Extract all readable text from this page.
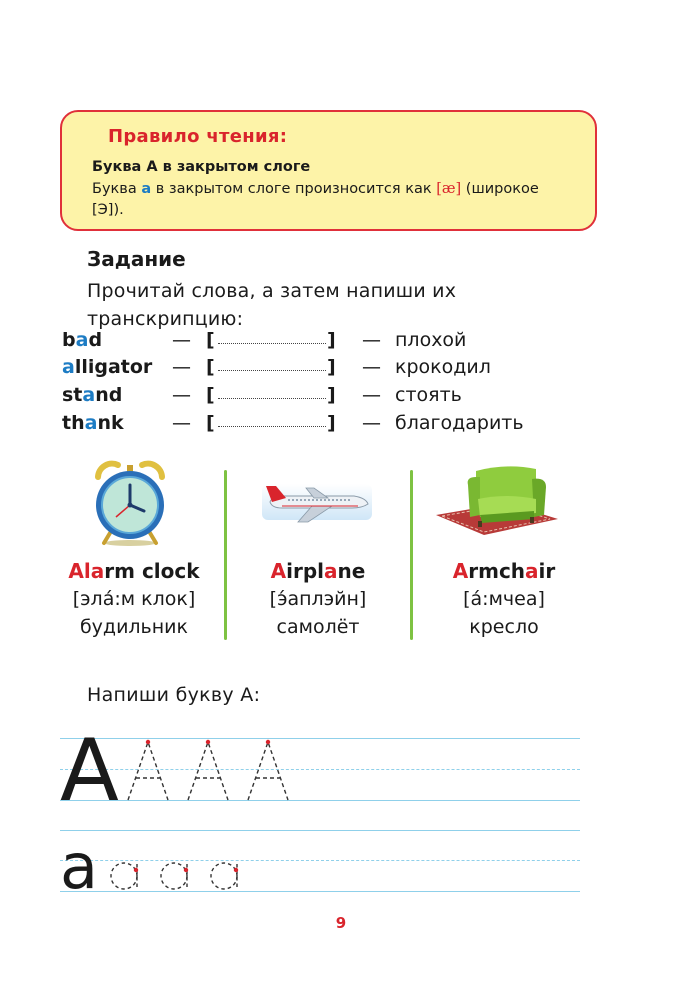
Правило чтения:
Буква А в закрытом слоге
Буква а в закрытом слоге произносится как [æ] (широкое [Э]).
Задание
Прочитай слова, а затем напиши их транскрипцию:
bad	— [	] — плохой
alligator — [	] — крокодил
stand	— [	] — стоять
thank	— [	] — благодарить
Alarm clock
[эла́:м клок]
будильник
Airplane
[э́аплэйн]
самолёт
Armchair
[а́:мчеа]
кресло
Напиши букву А:
A
a
9
